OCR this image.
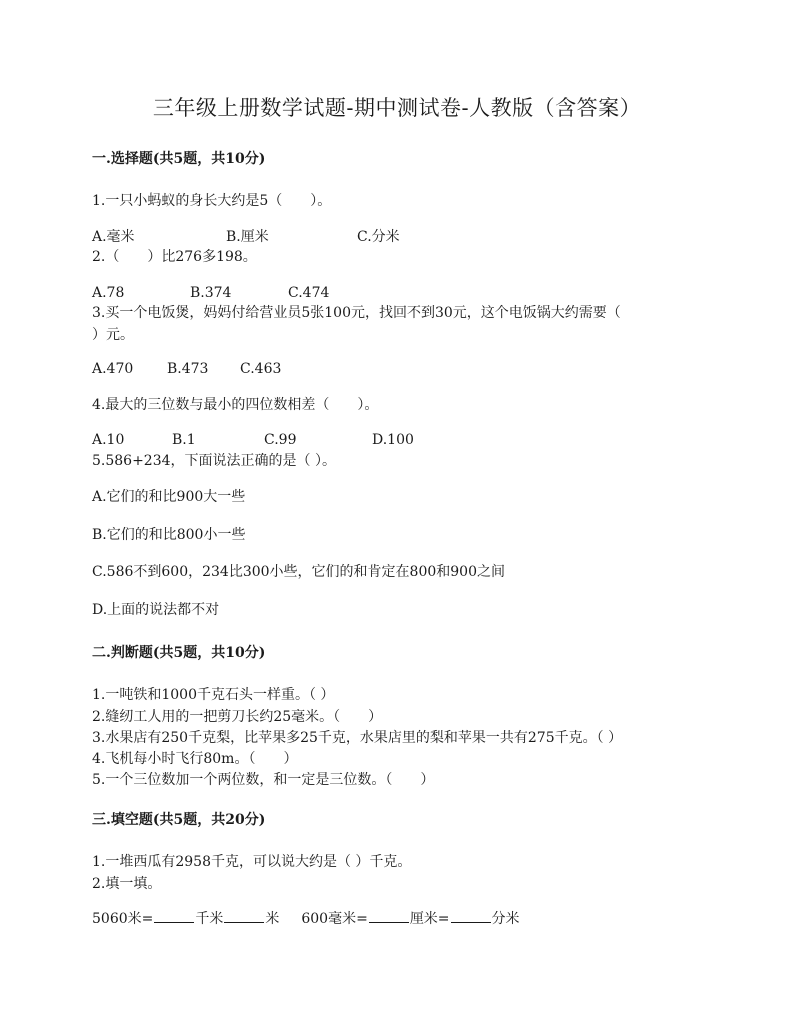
三年级上册数学试题-期中测试卷-人教版（含答案）
一.选择题(共5题，共10分)
1.一只小蚂蚁的身长大约是5（　　）。
A.毫米	B.厘米	C.分米
2.（　　）比276多198。
A.78	B.374	C.474
3.买一个电饭煲，妈妈付给营业员5张100元，找回不到30元，这个电饭锅大约需要（
）元。
A.470 B.473 C.463
4.最大的三位数与最小的四位数相差（　　）。
A.10	B.1	C.99	D.100
5.586+234，下面说法正确的是（ ）。
A.它们的和比900大一些
B.它们的和比800小一些
C.586不到600，234比300小些，它们的和肯定在800和900之间
D.上面的说法都不对
二.判断题(共5题，共10分)
1.一吨铁和1000千克石头一样重。（ ）
2.缝纫工人用的一把剪刀长约25毫米。（　　）
3.水果店有250千克梨，比苹果多25千克，水果店里的梨和苹果一共有275千克。（ ）
4.飞机每小时飞行80m。（　　）
5.一个三位数加一个两位数，和一定是三位数。（　　）
三.填空题(共5题，共20分)
1.一堆西瓜有2958千克，可以说大约是（ ）千克。
2.填一填。
5060米=	千米	米 600毫米=	厘米=	分米
